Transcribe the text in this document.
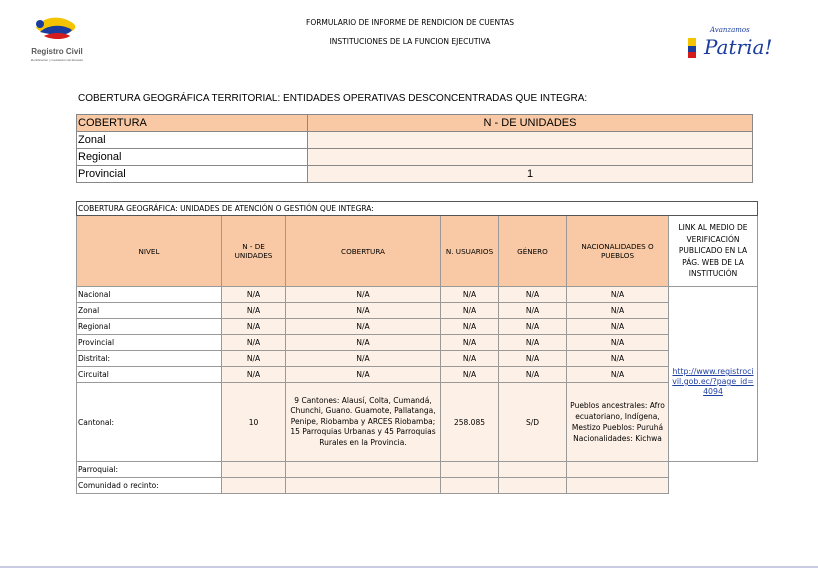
FORMULARIO DE INFORME DE RENDICION DE CUENTAS
INSTITUCIONES DE LA FUNCION EJECUTIVA
Registro Civil
Identificación y Cedulación del Ecuador
Avanzamos
Patria!
COBERTURA GEOGRÁFICA TERRITORIAL: ENTIDADES OPERATIVAS DESCONCENTRADAS QUE INTEGRA:
COBERTURA	N - DE UNIDADES
Zonal	
Regional	
Provincial	1
COBERTURA GEOGRÁFICA: UNIDADES DE ATENCIÓN O GESTIÓN QUE INTEGRA:						
NIVEL	N - DE UNIDADES	COBERTURA	N. USUARIOS	GÉNERO	NACIONALIDADES O PUEBLOS	LINK AL MEDIO DE VERIFICACIÓN PUBLICADO EN LA PÁG. WEB DE LA INSTITUCIÓN
Nacional	N/A	N/A	N/A	N/A	N/A	http://www.registrocivil.gob.ec/?page_id=4094

Zonal	N/A	N/A	N/A	N/A	N/A	
Regional	N/A	N/A	N/A	N/A	N/A	
Provincial	N/A	N/A	N/A	N/A	N/A	
Distrital:	N/A	N/A	N/A	N/A	N/A	
Circuital	N/A	N/A	N/A	N/A	N/A	
Cantonal:	10	9 Cantones: Alausí, Colta, Cumandá, Chunchi, Guano. Guamote, Pallatanga, Penipe, Riobamba y ARCES Riobamba; 15 Parroquias Urbanas y 45 Parroquias Rurales en la Provincia.	258.085	S/D	Pueblos ancestrales: Afro ecuatoriano, Indígena, Mestizo Pueblos: Puruhá Nacionalidades: Kichwa	
Parroquial:						
Comunidad o recinto:						
